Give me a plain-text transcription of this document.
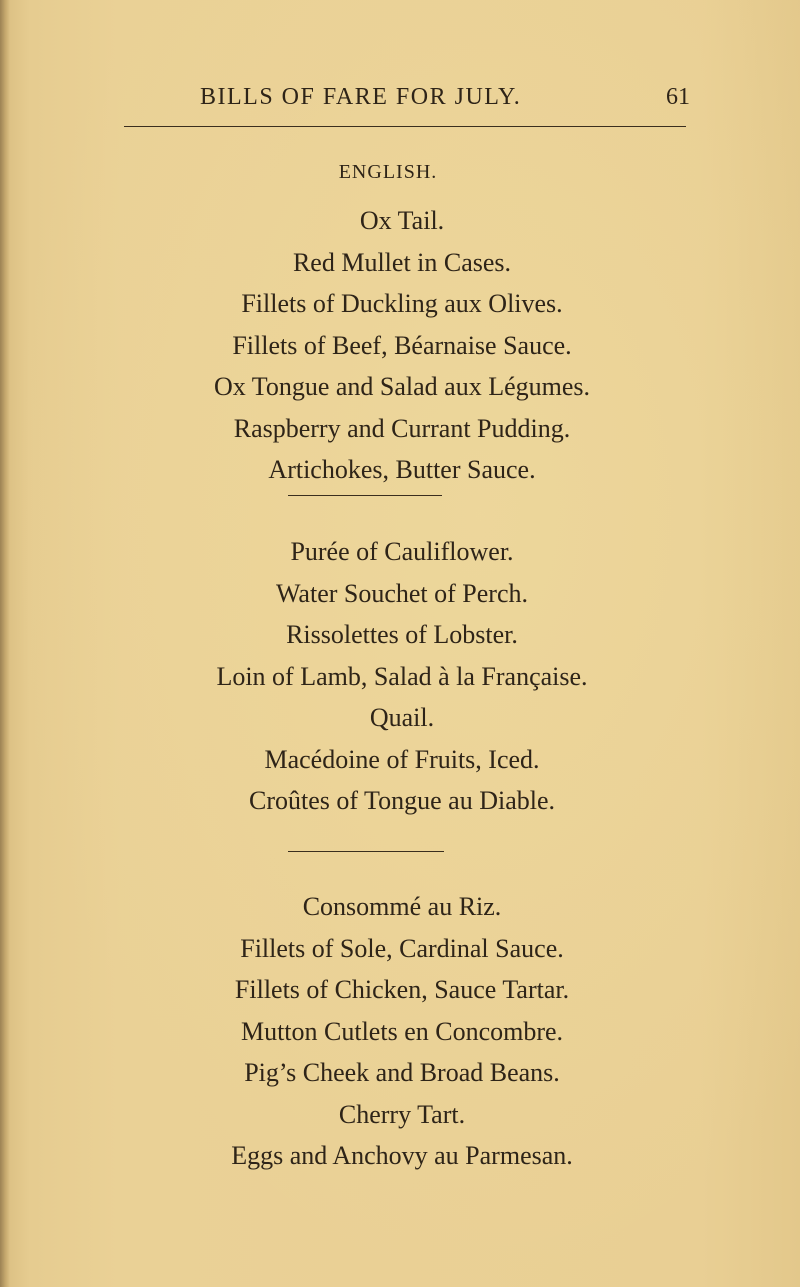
BILLS OF FARE FOR JULY.	61
ENGLISH.
Ox Tail.
Red Mullet in Cases.
Fillets of Duckling aux Olives.
Fillets of Beef, Béarnaise Sauce.
Ox Tongue and Salad aux Légumes.
Raspberry and Currant Pudding.
Artichokes, Butter Sauce.
Purée of Cauliflower.
Water Souchet of Perch.
Rissolettes of Lobster.
Loin of Lamb, Salad à la Française.
Quail.
Macédoine of Fruits, Iced.
Croûtes of Tongue au Diable.
Consommé au Riz.
Fillets of Sole, Cardinal Sauce.
Fillets of Chicken, Sauce Tartar.
Mutton Cutlets en Concombre.
Pig’s Cheek and Broad Beans.
Cherry Tart.
Eggs and Anchovy au Parmesan.
